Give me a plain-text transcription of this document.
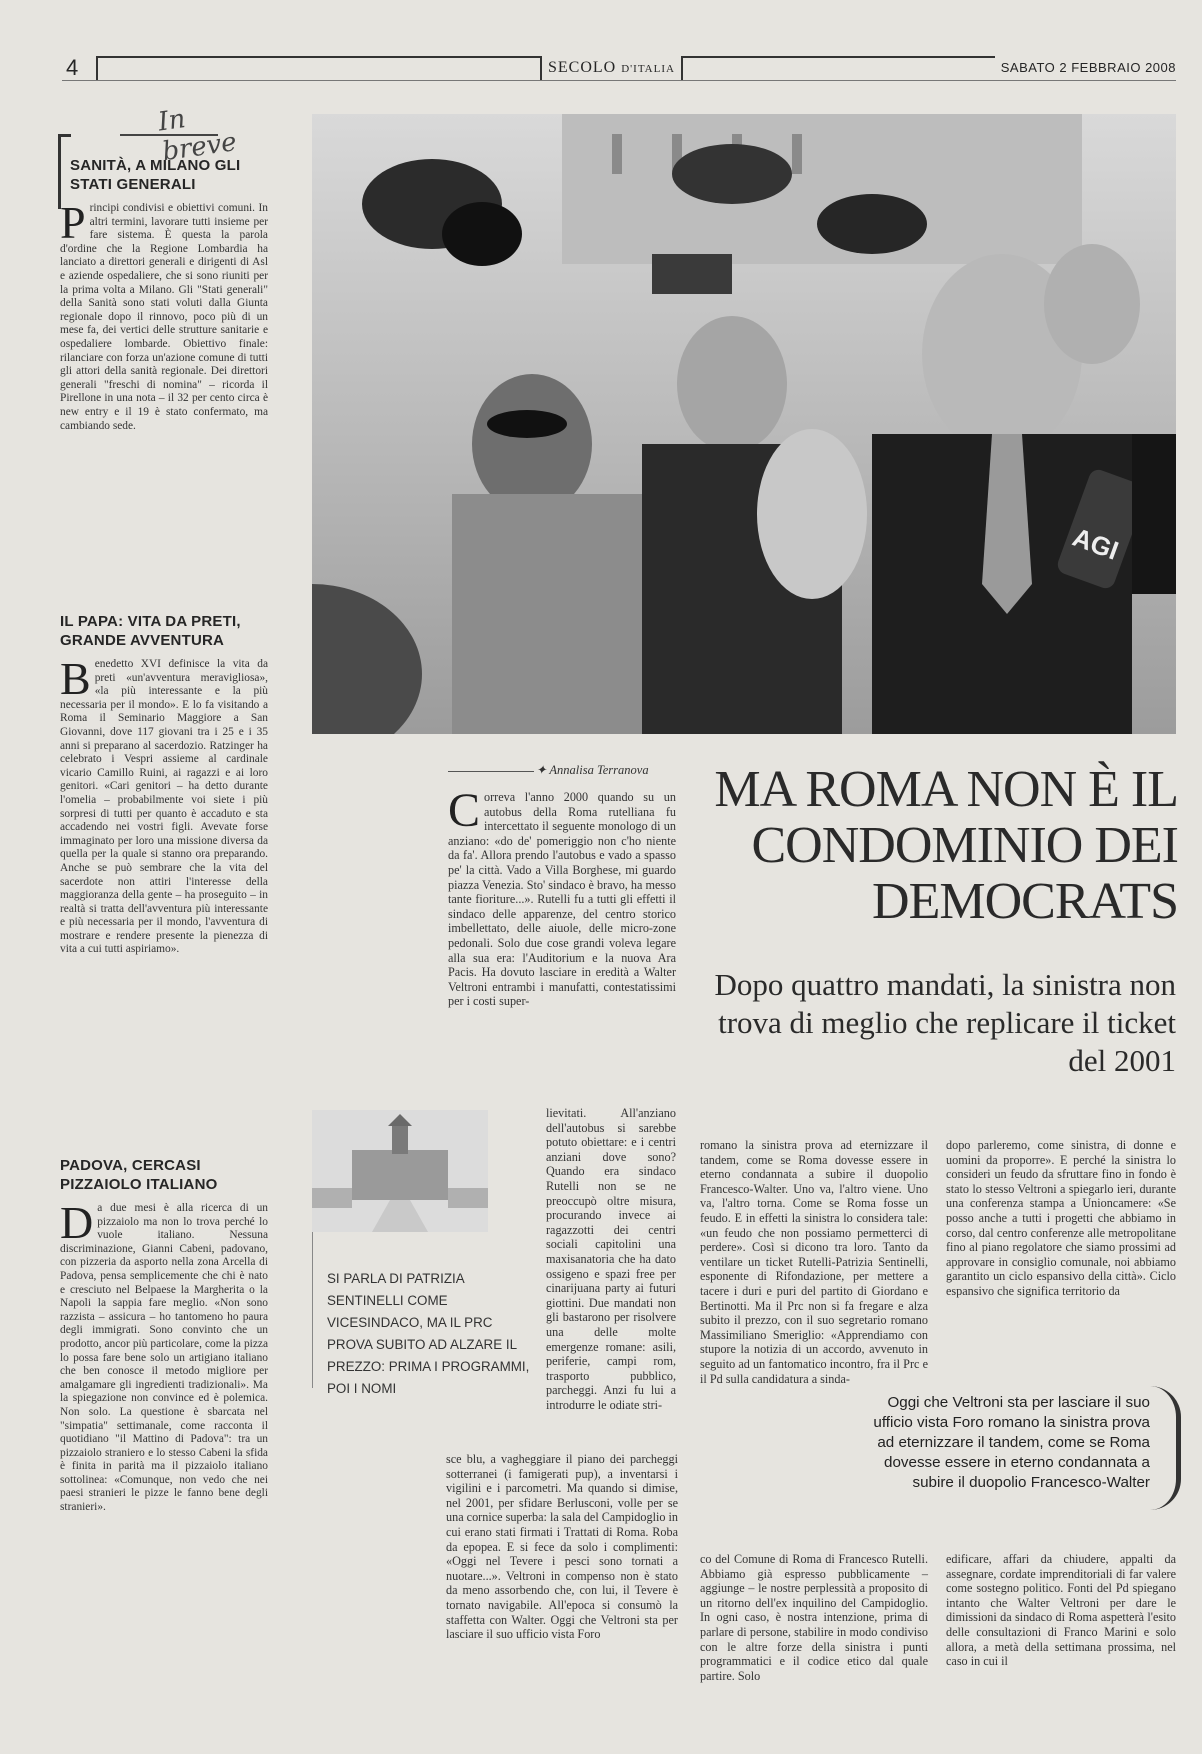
4	SECOLO D'ITALIA	SABATO 2 FEBBRAIO 2008
In breve
SANITÀ, A MILANO GLI STATI GENERALI

Principi condivisi e obiettivi comuni. In altri termini, lavorare tutti insieme per fare sistema. È questa la parola d'ordine che la Regione Lombardia ha lanciato a direttori generali e dirigenti di Asl e aziende ospedaliere, che si sono riuniti per la prima volta a Milano. Gli "Stati generali" della Sanità sono stati voluti dalla Giunta regionale dopo il rinnovo, poco più di un mese fa, dei vertici delle strutture sanitarie e ospedaliere lombarde. Obiettivo finale: rilanciare con forza un'azione comune di tutti gli attori della sanità regionale. Dei direttori generali "freschi di nomina" – ricorda il Pirellone in una nota – il 32 per cento circa è new entry e il 19 è stato confermato, ma cambiando sede.

IL PAPA: VITA DA PRETI, GRANDE AVVENTURA

Benedetto XVI definisce la vita da preti «un'avventura meravigliosa», «la più interessante e la più necessaria per il mondo». E lo fa visitando a Roma il Seminario Maggiore a San Giovanni, dove 117 giovani tra i 25 e i 35 anni si preparano al sacerdozio. Ratzinger ha celebrato i Vespri assieme al cardinale vicario Camillo Ruini, ai ragazzi e ai loro genitori. «Cari genitori – ha detto durante l'omelia – probabilmente voi siete i più sorpresi di tutti per quanto è accaduto e sta accadendo nei vostri figli. Avevate forse immaginato per loro una missione diversa da quella per la quale si stanno ora preparando. Anche se può sembrare che la vita del sacerdote non attiri l'interesse della maggioranza della gente – ha proseguito – in realtà si tratta dell'avventura più interessante e più necessaria per il mondo, l'avventura di mostrare e rendere presente la pienezza di vita a cui tutti aspiriamo».

PADOVA, CERCASI PIZZAIOLO ITALIANO

Da due mesi è alla ricerca di un pizzaiolo ma non lo trova perché lo vuole italiano. Nessuna discriminazione, Gianni Cabeni, padovano, con pizzeria da asporto nella zona Arcella di Padova, pensa semplicemente che chi è nato e cresciuto nel Belpaese la Margherita o la Napoli la sappia fare meglio. «Non sono razzista – assicura – ho tantomeno ho paura degli immigrati. Sono convinto che un prodotto, ancor più particolare, come la pizza lo possa fare bene solo un artigiano italiano che ben conosce il metodo migliore per amalgamare gli ingredienti tradizionali». Ma la spiegazione non convince ed è polemica. Non solo. La questione è sbarcata nel "simpatia" settimanale, come racconta il quotidiano "il Mattino di Padova": tra un pizzaiolo straniero e lo stesso Cabeni la sfida è finita in parità ma il pizzaiolo italiano sottolinea: «Comunque, non vedo che nei paesi stranieri le pizze le fanno bene degli stranieri».

AGI
MA ROMA NON È IL CONDOMINIO DEI DEMOCRATS
Dopo quattro mandati, la sinistra non trova di meglio che replicare il ticket del 2001
✦ Annalisa Terranova

Correva l'anno 2000 quando su un autobus della Roma rutelliana fu intercettato il seguente monologo di un anziano: «do de' pomeriggio non c'ho niente da fa'. Allora prendo l'autobus e vado a spasso pe' la città. Vado a Villa Borghese, mi guardo piazza Venezia. Sto' sindaco è bravo, ha messo tante fioriture...». Rutelli fu a tutti gli effetti il sindaco delle apparenze, del centro storico imbellettato, delle aiuole, delle micro-zone pedonali. Solo due cose grandi voleva legare alla sua era: l'Auditorium e la nuova Ara Pacis. Ha dovuto lasciare in eredità a Walter Veltroni entrambi i manufatti, contestatissimi per i costi super-

lievitati. All'anziano dell'autobus si sarebbe potuto obiettare: e i centri anziani dove sono? Quando era sindaco Rutelli non se ne preoccupò oltre misura, procurando invece ai ragazzotti dei centri sociali capitolini una maxisanatoria che ha dato ossigeno e spazi free per cinarijuana party ai futuri giottini. Due mandati non gli bastarono per risolvere una delle molte emergenze romane: asili, periferie, campi rom, trasporto pubblico, parcheggi. Anzi fu lui a introdurre le odiate stri-

sce blu, a vagheggiare il piano dei parcheggi sotterranei (i famigerati pup), a inventarsi i vigilini e i parcometri. Ma quando si dimise, nel 2001, per sfidare Berlusconi, volle per se una cornice superba: la sala del Campidoglio in cui erano stati firmati i Trattati di Roma. Roba da epopea. E si fece da solo i complimenti: «Oggi nel Tevere i pesci sono tornati a nuotare...». Veltroni in compenso non è stato da meno assorbendo che, con lui, il Tevere è tornato navigabile. All'epoca si consumò la staffetta con Walter. Oggi che Veltroni sta per lasciare il suo ufficio vista Foro

romano la sinistra prova ad eternizzare il tandem, come se Roma dovesse essere in eterno condannata a subire il duopolio Francesco-Walter. Uno va, l'altro viene. Uno va, l'altro torna. Come se Roma fosse un feudo. E in effetti la sinistra lo considera tale: «un feudo che non possiamo permetterci di perdere». Così si dicono tra loro. Tanto da ventilare un ticket Rutelli-Patrizia Sentinelli, esponente di Rifondazione, per mettere a tacere i duri e puri del partito di Giordano e Bertinotti. Ma il Prc non si fa fregare e alza subito il prezzo, con il suo segretario romano Massimiliano Smeriglio: «Apprendiamo con stupore la notizia di un accordo, avvenuto in seguito ad un fantomatico incontro, fra il Prc e il Pd sulla candidatura a sinda-

co del Comune di Roma di Francesco Rutelli. Abbiamo già espresso pubblicamente – aggiunge – le nostre perplessità a proposito di un ritorno dell'ex inquilino del Campidoglio. In ogni caso, è nostra intenzione, prima di parlare di persone, stabilire in modo condiviso con le altre forze della sinistra i punti programmatici e il codice etico dal quale partire. Solo

dopo parleremo, come sinistra, di donne e uomini da proporre». E perché la sinistra lo consideri un feudo da sfruttare fino in fondo è stato lo stesso Veltroni a spiegarlo ieri, durante una conferenza stampa a Unioncamere: «Se posso anche a tutti i progetti che abbiamo in corso, dal centro conferenze alle metropolitane fino al piano regolatore che siamo prossimi ad approvare in consiglio comunale, noi abbiamo garantito un ciclo espansivo della città». Ciclo espansivo che significa territorio da

edificare, affari da chiudere, appalti da assegnare, cordate imprenditoriali di far valere come sostegno politico. Fonti del Pd spiegano intanto che Walter Veltroni per dare le dimissioni da sindaco di Roma aspetterà l'esito delle consultazioni di Franco Marini e solo allora, a metà della settimana prossima, nel caso in cui il

SI PARLA DI PATRIZIA SENTINELLI COME VICESINDACO, MA IL PRC PROVA SUBITO AD ALZARE IL PREZZO: PRIMA I PROGRAMMI, POI I NOMI
Oggi che Veltroni sta per lasciare il suo ufficio vista Foro romano la sinistra prova ad eternizzare il tandem, come se Roma dovesse essere in eterno condannata a subire il duopolio Francesco-Walter
